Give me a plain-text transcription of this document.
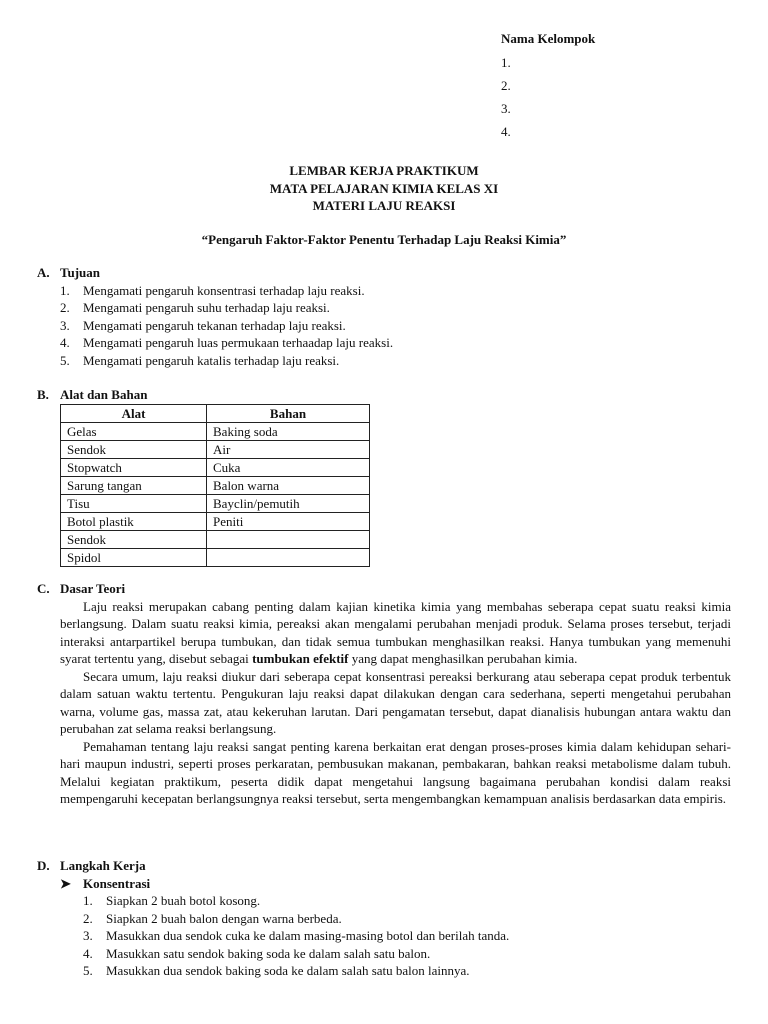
Nama Kelompok
1.
2.
3.
4.
LEMBAR KERJA PRAKTIKUM
MATA PELAJARAN KIMIA KELAS XI
MATERI LAJU REAKSI
“Pengaruh Faktor-Faktor Penentu Terhadap Laju Reaksi Kimia”
A. Tujuan
1. Mengamati pengaruh konsentrasi terhadap laju reaksi.
2. Mengamati pengaruh suhu terhadap laju reaksi.
3. Mengamati pengaruh tekanan terhadap laju reaksi.
4. Mengamati pengaruh luas permukaan terhaadap laju reaksi.
5. Mengamati pengaruh katalis terhadap laju reaksi.
B. Alat dan Bahan
Alat	Bahan
Gelas	Baking soda
Sendok	Air
Stopwatch	Cuka
Sarung tangan	Balon warna
Tisu	Bayclin/pemutih
Botol plastik	Peniti
Sendok	
Spidol	
C. Dasar Teori

Laju reaksi merupakan cabang penting dalam kajian kinetika kimia yang membahas seberapa cepat suatu reaksi kimia berlangsung. Dalam suatu reaksi kimia, pereaksi akan mengalami perubahan menjadi produk. Selama proses tersebut, terjadi interaksi antarpartikel berupa tumbukan, dan tidak semua tumbukan menghasilkan reaksi. Hanya tumbukan yang memenuhi syarat tertentu yang, disebut sebagai tumbukan efektif yang dapat menghasilkan perubahan kimia.

Secara umum, laju reaksi diukur dari seberapa cepat konsentrasi pereaksi berkurang atau seberapa cepat produk terbentuk dalam satuan waktu tertentu. Pengukuran laju reaksi dapat dilakukan dengan cara sederhana, seperti mengetahui perubahan warna, volume gas, massa zat, atau kekeruhan larutan. Dari pengamatan tersebut, dapat dianalisis hubungan antara waktu dan perubahan zat selama reaksi berlangsung.

Pemahaman tentang laju reaksi sangat penting karena berkaitan erat dengan proses-proses kimia dalam kehidupan sehari-hari maupun industri, seperti proses perkaratan, pembusukan makanan, pembakaran, bahkan reaksi metabolisme dalam tubuh. Melalui kegiatan praktikum, peserta didik dapat mengetahui langsung bagaimana perubahan kondisi dalam reaksi mempengaruhi kecepatan berlangsungnya reaksi tersebut, serta mengembangkan kemampuan analisis berdasarkan data empiris.

D. Langkah Kerja
➤ Konsentrasi
1. Siapkan 2 buah botol kosong.
2. Siapkan 2 buah balon dengan warna berbeda.
3. Masukkan dua sendok cuka ke dalam masing-masing botol dan berilah tanda.
4. Masukkan satu sendok baking soda ke dalam salah satu balon.
5. Masukkan dua sendok baking soda ke dalam salah satu balon lainnya.
